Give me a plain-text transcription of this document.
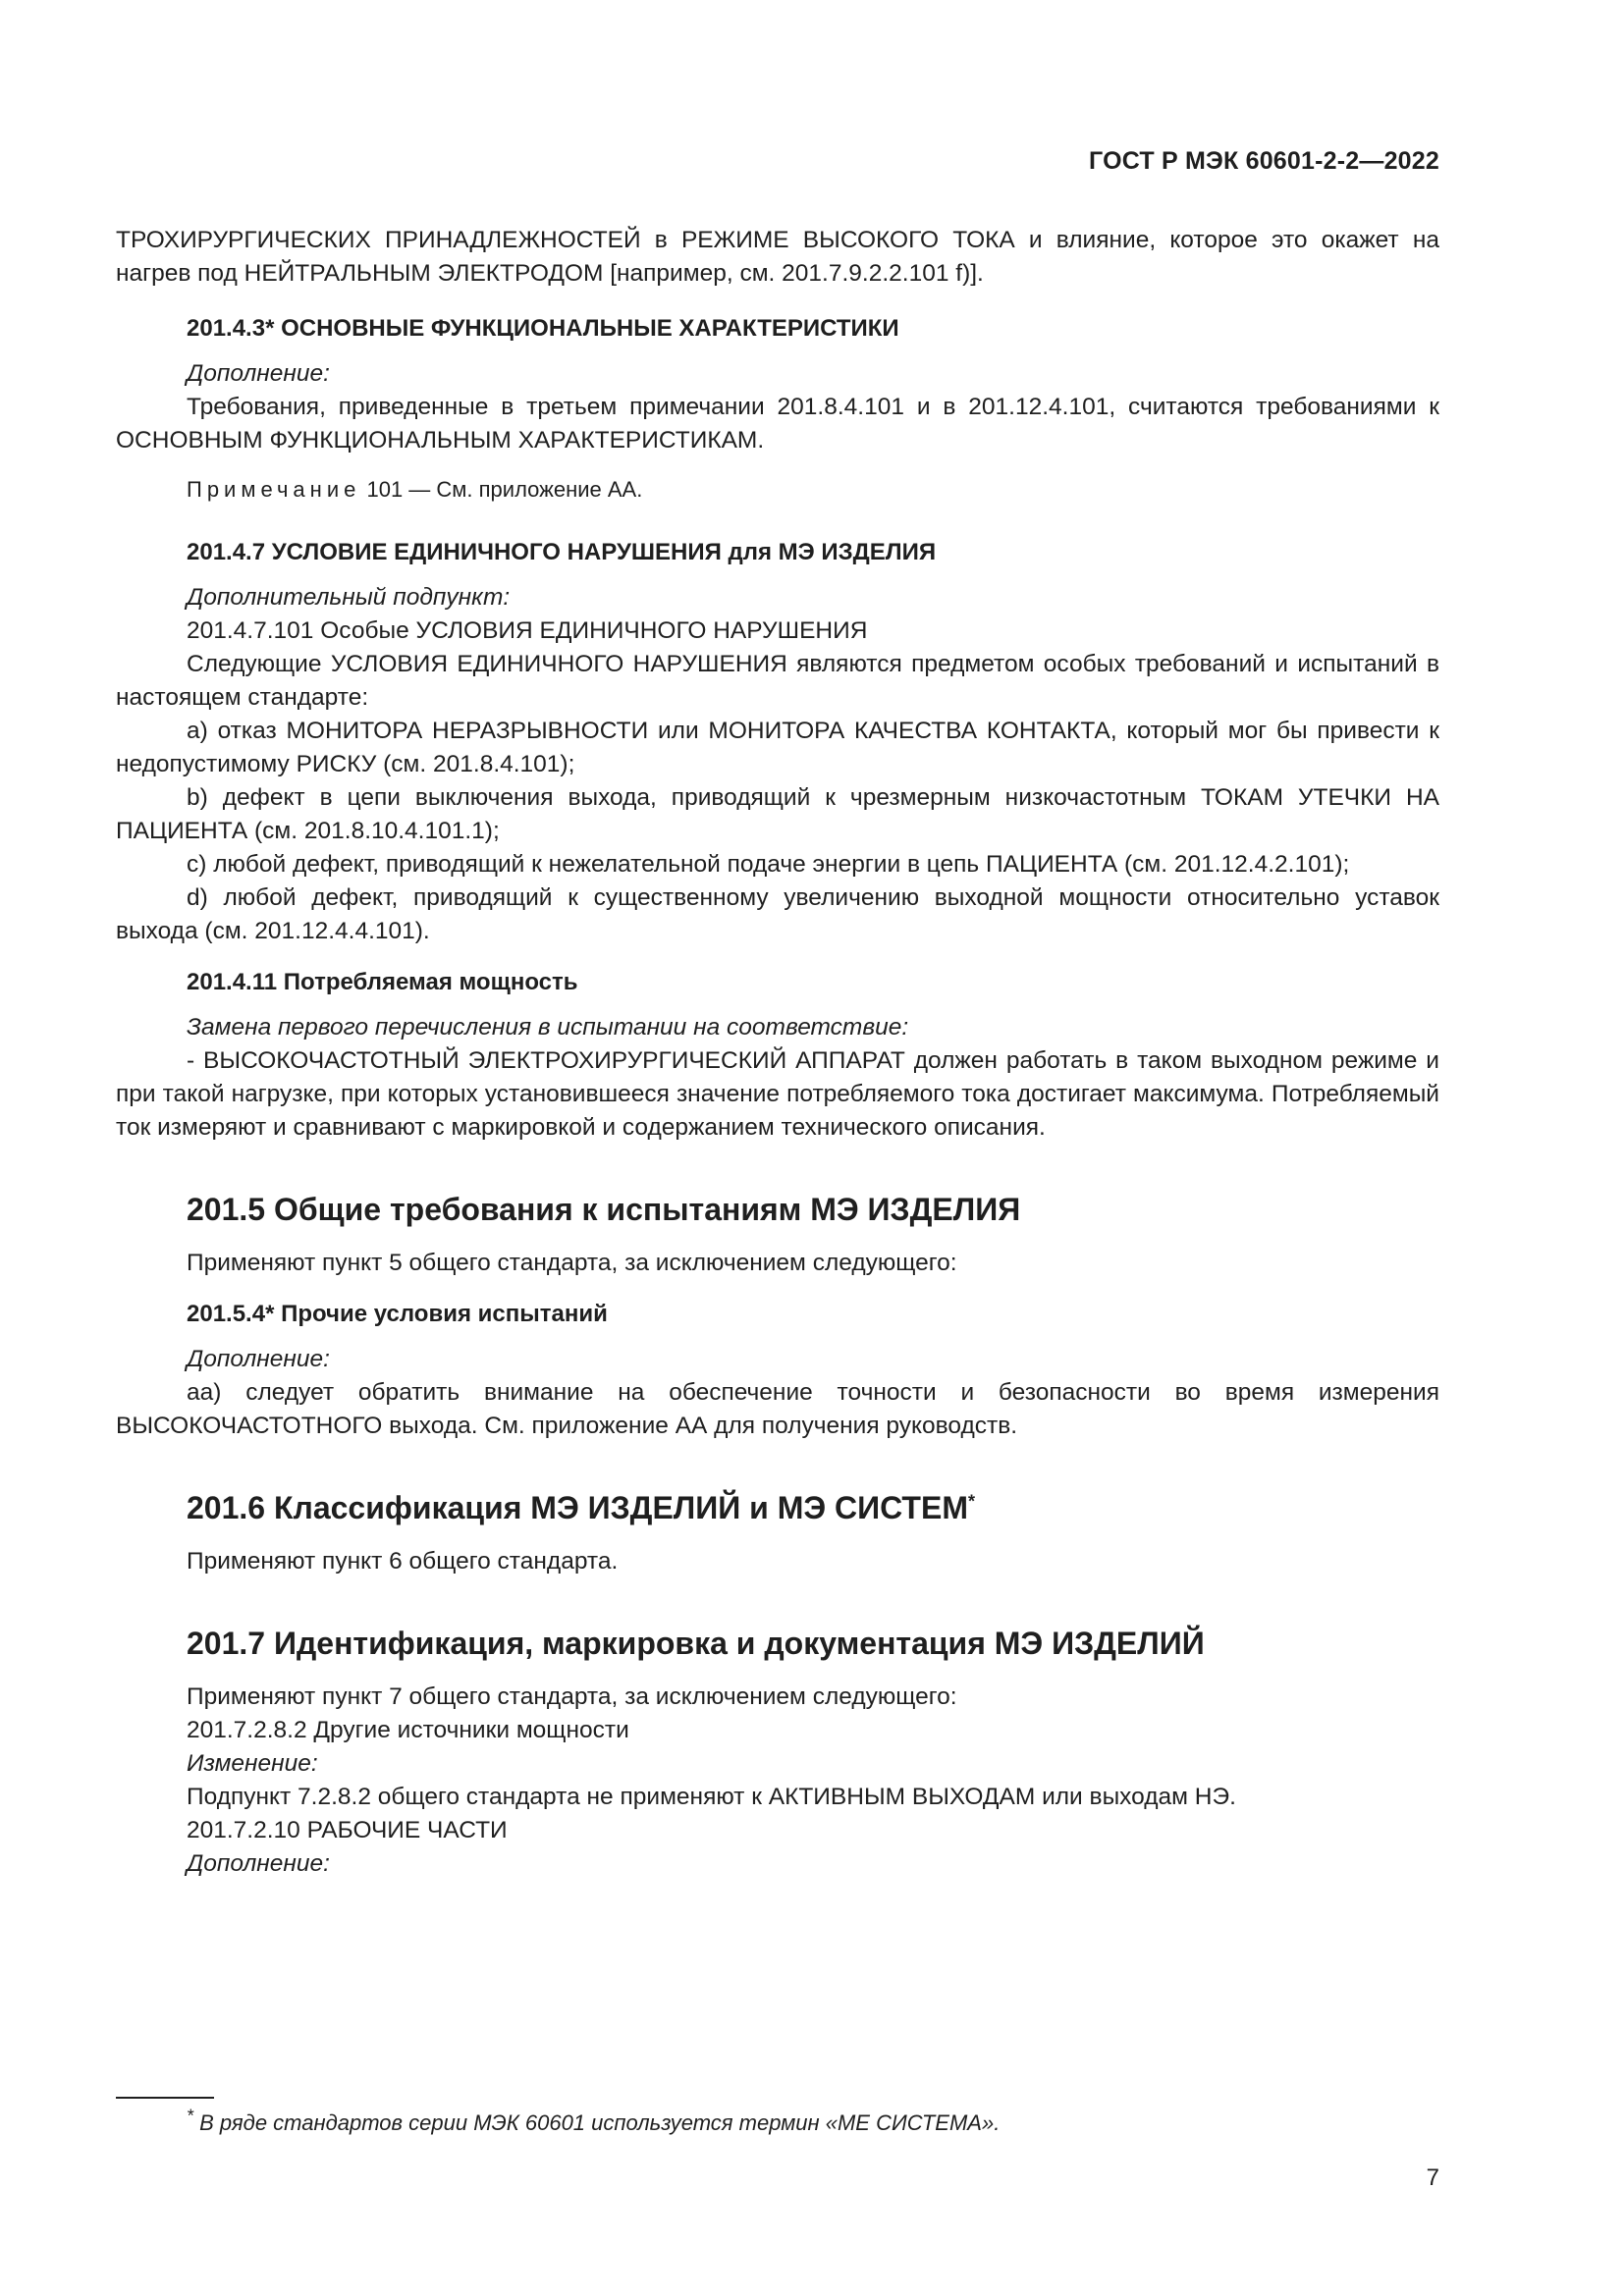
ГОСТ Р МЭК 60601-2-2—2022

ТРОХИРУРГИЧЕСКИХ ПРИНАДЛЕЖНОСТЕЙ в РЕЖИМЕ ВЫСОКОГО ТОКА и влияние, которое это окажет на нагрев под НЕЙТРАЛЬНЫМ ЭЛЕКТРОДОМ [например, см. 201.7.9.2.2.101 f)].

201.4.3* ОСНОВНЫЕ ФУНКЦИОНАЛЬНЫЕ ХАРАКТЕРИСТИКИ

Дополнение:

Требования, приведенные в третьем примечании 201.8.4.101 и в 201.12.4.101, считаются требованиями к ОСНОВНЫМ ФУНКЦИОНАЛЬНЫМ ХАРАКТЕРИСТИКАМ.

Примечание 101 — См. приложение АА.

201.4.7 УСЛОВИЕ ЕДИНИЧНОГО НАРУШЕНИЯ для МЭ ИЗДЕЛИЯ

Дополнительный подпункт:

201.4.7.101 Особые УСЛОВИЯ ЕДИНИЧНОГО НАРУШЕНИЯ

Следующие УСЛОВИЯ ЕДИНИЧНОГО НАРУШЕНИЯ являются предметом особых требований и испытаний в настоящем стандарте:

a) отказ МОНИТОРА НЕРАЗРЫВНОСТИ или МОНИТОРА КАЧЕСТВА КОНТАКТА, который мог бы привести к недопустимому РИСКУ (см. 201.8.4.101);

b) дефект в цепи выключения выхода, приводящий к чрезмерным низкочастотным ТОКАМ УТЕЧКИ НА ПАЦИЕНТА (см. 201.8.10.4.101.1);

c) любой дефект, приводящий к нежелательной подаче энергии в цепь ПАЦИЕНТА (см. 201.12.4.2.101);

d) любой дефект, приводящий к существенному увеличению выходной мощности относительно уставок выхода (см. 201.12.4.4.101).

201.4.11 Потребляемая мощность

Замена первого перечисления в испытании на соответствие:

- ВЫСОКОЧАСТОТНЫЙ ЭЛЕКТРОХИРУРГИЧЕСКИЙ АППАРАТ должен работать в таком выходном режиме и при такой нагрузке, при которых установившееся значение потребляемого тока достигает максимума. Потребляемый ток измеряют и сравнивают с маркировкой и содержанием технического описания.

201.5 Общие требования к испытаниям МЭ ИЗДЕЛИЯ

Применяют пункт 5 общего стандарта, за исключением следующего:

201.5.4* Прочие условия испытаний

Дополнение:

аа) следует обратить внимание на обеспечение точности и безопасности во время измерения ВЫСОКОЧАСТОТНОГО выхода. См. приложение АА для получения руководств.

201.6 Классификация МЭ ИЗДЕЛИЙ и МЭ СИСТЕМ*

Применяют пункт 6 общего стандарта.

201.7 Идентификация, маркировка и документация МЭ ИЗДЕЛИЙ

Применяют пункт 7 общего стандарта, за исключением следующего:

201.7.2.8.2 Другие источники мощности

Изменение:

Подпункт 7.2.8.2 общего стандарта не применяют к АКТИВНЫМ ВЫХОДАМ или выходам НЭ.

201.7.2.10 РАБОЧИЕ ЧАСТИ

Дополнение:

* В ряде стандартов серии МЭК 60601 используется термин «МЕ СИСТЕМА».
7
